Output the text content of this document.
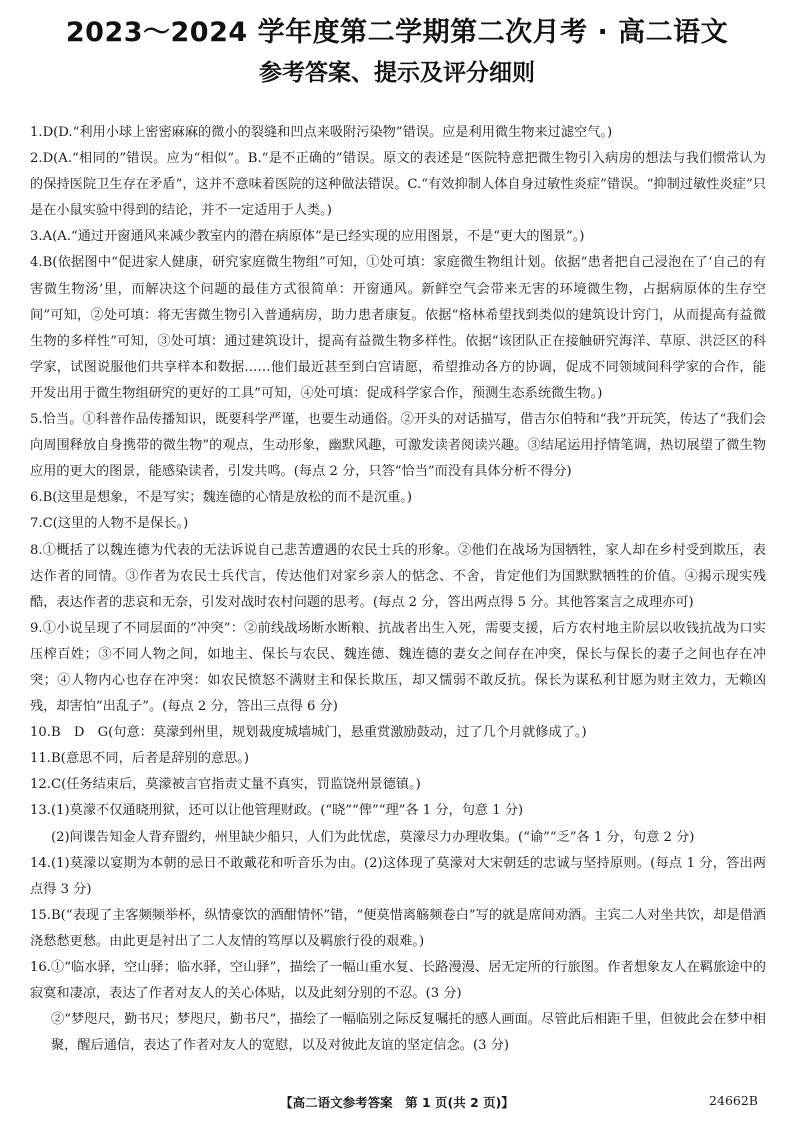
2023～2024 学年度第二学期第二次月考 · 高二语文
参考答案、提示及评分细则

1.D(D.“利用小球上密密麻麻的微小的裂缝和凹点来吸附污染物”错误。应是利用微生物来过滤空气。)

2.D(A.“相同的”错误。应为“相似”。B.“是不正确的”错误。原文的表述是“医院特意把微生物引入病房的想法与我们惯常认为的保持医院卫生存在矛盾”，这并不意味着医院的这种做法错误。C.“有效抑制人体自身过敏性炎症”错误。“抑制过敏性炎症”只是在小鼠实验中得到的结论，并不一定适用于人类。)

3.A(A.“通过开窗通风来减少教室内的潜在病原体”是已经实现的应用图景，不是“更大的图景”。)

4.B(依据图中“促进家人健康，研究家庭微生物组”可知，①处可填：家庭微生物组计划。依据“患者把自己浸泡在了‘自己的有害微生物汤’里，而解决这个问题的最佳方式很简单：开窗通风。新鲜空气会带来无害的环境微生物，占据病原体的生存空间”可知，②处可填：将无害微生物引入普通病房，助力患者康复。依据“格林希望找到类似的建筑设计窍门，从而提高有益微生物的多样性”可知，③处可填：通过建筑设计，提高有益微生物多样性。依据“该团队正在接触研究海洋、草原、洪泛区的科学家，试图说服他们共享样本和数据……他们最近甚至到白宫请愿，希望推动各方的协调，促成不同领域间科学家的合作，能开发出用于微生物组研究的更好的工具”可知，④处可填：促成科学家合作，预测生态系统微生物。)

5.恰当。①科普作品传播知识，既要科学严谨，也要生动通俗。②开头的对话描写，借吉尔伯特和“我”开玩笑，传达了“我们会向周围释放自身携带的微生物”的观点，生动形象，幽默风趣，可激发读者阅读兴趣。③结尾运用抒情笔调，热切展望了微生物应用的更大的图景，能感染读者，引发共鸣。(每点 2 分，只答“恰当”而没有具体分析不得分)

6.B(这里是想象，不是写实；魏连德的心情是放松的而不是沉重。)

7.C(这里的人物不是保长。)

8.①概括了以魏连德为代表的无法诉说自己悲苦遭遇的农民士兵的形象。②他们在战场为国牺牲，家人却在乡村受到欺压，表达作者的同情。③作者为农民士兵代言，传达他们对家乡亲人的惦念、不舍，肯定他们为国默默牺牲的价值。④揭示现实残酷，表达作者的悲哀和无奈，引发对战时农村问题的思考。(每点 2 分，答出两点得 5 分。其他答案言之成理亦可)

9.①小说呈现了不同层面的“冲突”：②前线战场断水断粮、抗战者出生入死，需要支援，后方农村地主阶层以收钱抗战为口实压榨百姓；③不同人物之间，如地主、保长与农民、魏连德、魏连德的妻女之间存在冲突，保长与保长的妻子之间也存在冲突；④人物内心也存在冲突：如农民愤怒不满财主和保长欺压，却又懦弱不敢反抗。保长为谋私利甘愿为财主效力，无赖凶残，却害怕“出乱子”。(每点 2 分，答出三点得 6 分)

10.B　D　G(句意：莫濛到州里，规划裁度城墙城门，悬重赏激励鼓动，过了几个月就修成了。)

11.B(意思不同，后者是辞别的意思。)

12.C(任务结束后，莫濛被言官指责丈量不真实，罚监饶州景德镇。)

13.(1)莫濛不仅通晓刑狱，还可以让他管理财政。(“晓”“俾”“理”各 1 分，句意 1 分)

(2)间谍告知金人背弃盟约，州里缺少船只，人们为此忧虑，莫濛尽力办理收集。(“谕”“乏”各 1 分，句意 2 分)

14.(1)莫濛以宴期为本朝的忌日不敢戴花和听音乐为由。(2)这体现了莫濛对大宋朝廷的忠诚与坚持原则。(每点 1 分，答出两点得 3 分)

15.B(“表现了主客频频举杯，纵情豪饮的酒酣情怀”错，“便莫惜离觞频卷白”写的就是席间劝酒。主宾二人对坐共饮，却是借酒浇愁愁更愁。由此更是衬出了二人友情的笃厚以及羁旅行役的艰难。)

16.①“临水驿，空山驿；临水驿，空山驿”，描绘了一幅山重水复、长路漫漫、居无定所的行旅图。作者想象友人在羁旅途中的寂寞和凄凉，表达了作者对友人的关心体贴，以及此刻分别的不忍。(3 分)

②“梦咫尺，勤书尺；梦咫尺，勤书尺”，描绘了一幅临别之际反复嘱托的感人画面。尽管此后相距千里，但彼此会在梦中相聚，醒后通信，表达了作者对友人的宽慰，以及对彼此友谊的坚定信念。(3 分)

【高二语文参考答案　第 1 页(共 2 页)】	24662B
